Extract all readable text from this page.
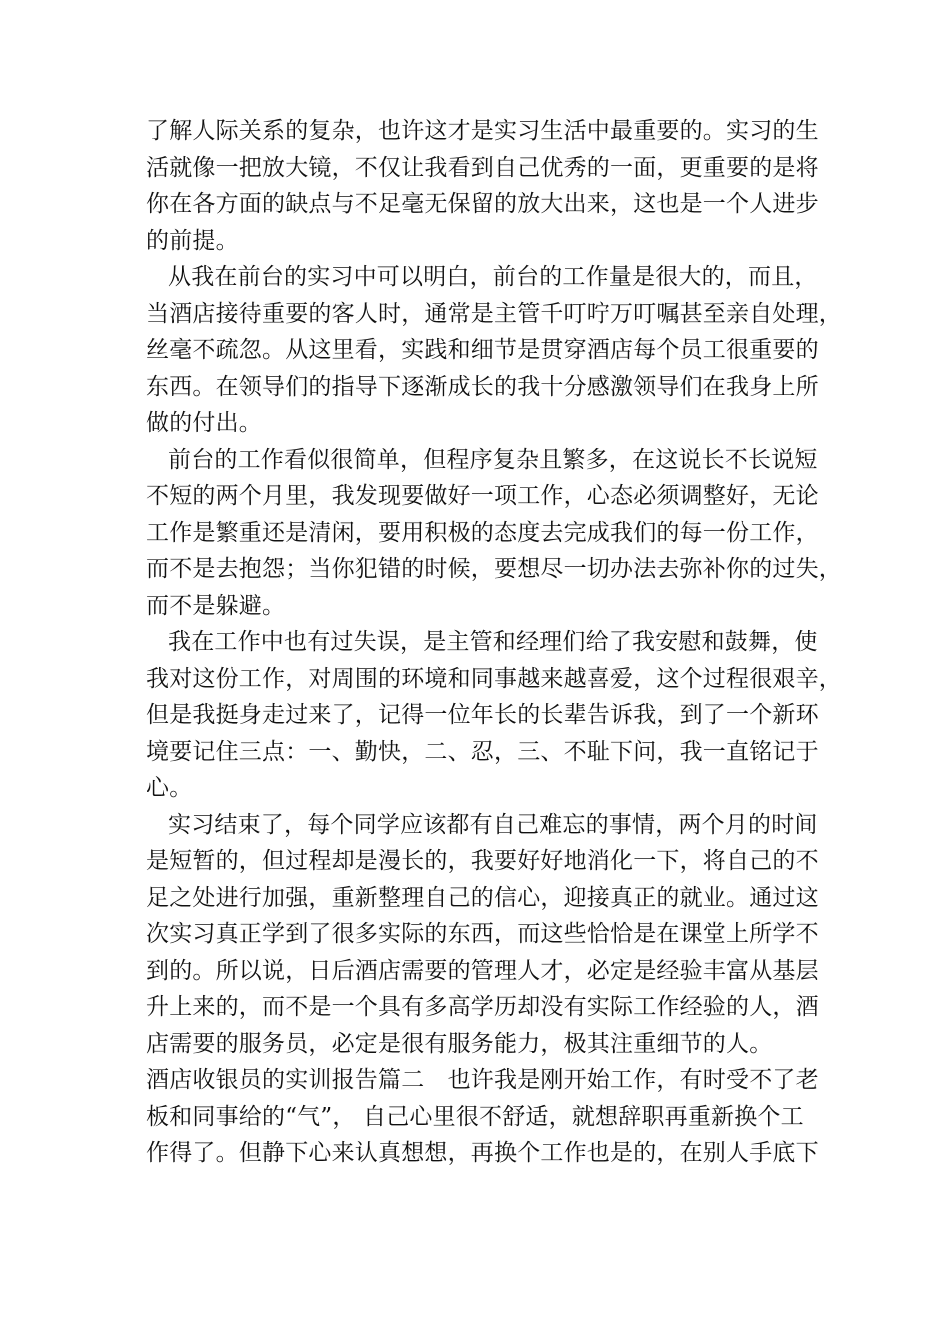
了解人际关系的复杂，也许这才是实习生活中最重要的。实习的生
活就像一把放大镜，不仅让我看到自己优秀的一面，更重要的是将
你在各方面的缺点与不足毫无保留的放大出来，这也是一个人进步
的前提。
从我在前台的实习中可以明白，前台的工作量是很大的，而且，
当酒店接待重要的客人时，通常是主管千叮咛万叮嘱甚至亲自处理，
丝毫不疏忽。从这里看，实践和细节是贯穿酒店每个员工很重要的
东西。在领导们的指导下逐渐成长的我十分感激领导们在我身上所
做的付出。
前台的工作看似很简单，但程序复杂且繁多，在这说长不长说短
不短的两个月里，我发现要做好一项工作，心态必须调整好，无论
工作是繁重还是清闲，要用积极的态度去完成我们的每一份工作，
而不是去抱怨；当你犯错的时候，要想尽一切办法去弥补你的过失，
而不是躲避。
我在工作中也有过失误，是主管和经理们给了我安慰和鼓舞，使
我对这份工作，对周围的环境和同事越来越喜爱，这个过程很艰辛，
但是我挺身走过来了，记得一位年长的长辈告诉我，到了一个新环
境要记住三点：一、勤快，二、忍，三、不耻下问，我一直铭记于
心。
实习结束了，每个同学应该都有自己难忘的事情，两个月的时间
是短暂的，但过程却是漫长的，我要好好地消化一下，将自己的不
足之处进行加强，重新整理自己的信心，迎接真正的就业。通过这
次实习真正学到了很多实际的东西，而这些恰恰是在课堂上所学不
到的。所以说，日后酒店需要的管理人才，必定是经验丰富从基层
升上来的，而不是一个具有多高学历却没有实际工作经验的人，酒
店需要的服务员，必定是很有服务能力，极其注重细节的人。
酒店收银员的实训报告篇二　也许我是刚开始工作，有时受不了老
板和同事给的“气”， 自己心里很不舒适，就想辞职再重新换个工
作得了。但静下心来认真想想，再换个工作也是的，在别人手底下
